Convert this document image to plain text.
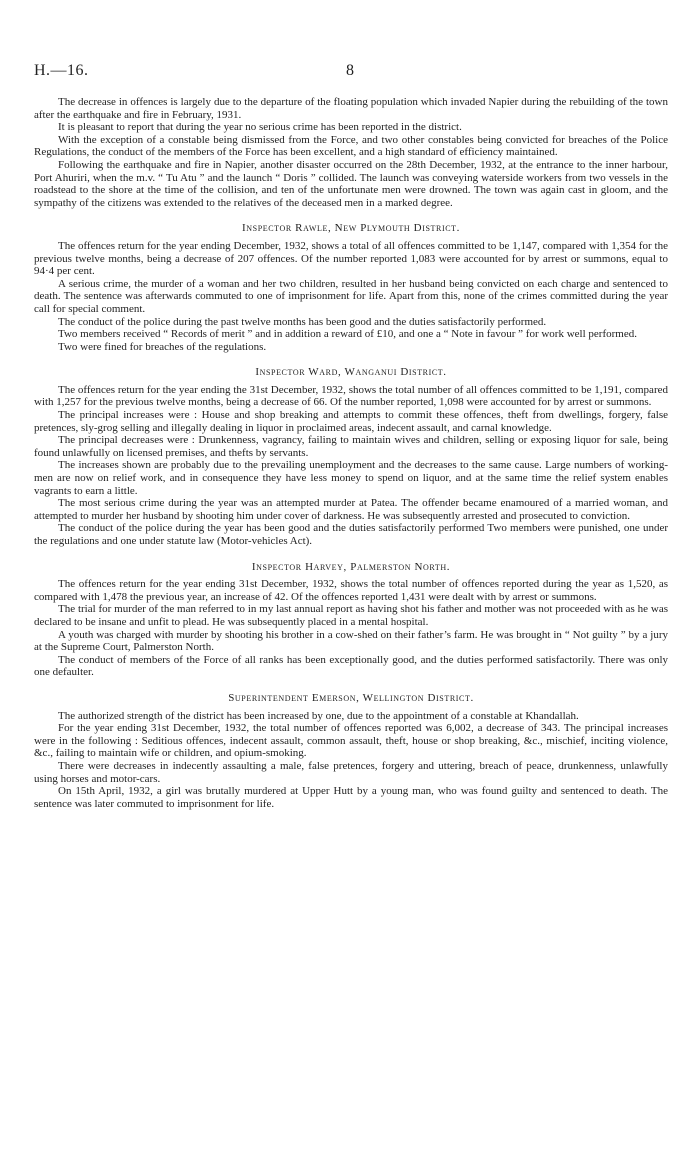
H.—16.	8

The decrease in offences is largely due to the departure of the floating population which invaded Napier during the rebuilding of the town after the earthquake and fire in February, 1931.

It is pleasant to report that during the year no serious crime has been reported in the district.

With the exception of a constable being dismissed from the Force, and two other constables being convicted for breaches of the Police Regulations, the conduct of the members of the Force has been excellent, and a high standard of efficiency maintained.

Following the earthquake and fire in Napier, another disaster occurred on the 28th December, 1932, at the entrance to the inner harbour, Port Ahuriri, when the m.v. “ Tu Atu ” and the launch “ Doris ” collided. The launch was conveying waterside workers from two vessels in the roadstead to the shore at the time of the collision, and ten of the unfortunate men were drowned. The town was again cast in gloom, and the sympathy of the citizens was extended to the relatives of the deceased men in a marked degree.

Inspector Rawle, New Plymouth District.

The offences return for the year ending December, 1932, shows a total of all offences committed to be 1,147, compared with 1,354 for the previous twelve months, being a decrease of 207 offences. Of the number reported 1,083 were accounted for by arrest or summons, equal to 94·4 per cent.

A serious crime, the murder of a woman and her two children, resulted in her husband being convicted on each charge and sentenced to death. The sentence was afterwards commuted to one of imprisonment for life. Apart from this, none of the crimes committed during the year call for special comment.

The conduct of the police during the past twelve months has been good and the duties satisfactorily performed.

Two members received “ Records of merit ” and in addition a reward of £10, and one a “ Note in favour ” for work well performed.

Two were fined for breaches of the regulations.

Inspector Ward, Wanganui District.

The offences return for the year ending the 31st December, 1932, shows the total number of all offences committed to be 1,191, compared with 1,257 for the previous twelve months, being a decrease of 66. Of the number reported, 1,098 were accounted for by arrest or summons.

The principal increases were : House and shop breaking and attempts to commit these offences, theft from dwellings, forgery, false pretences, sly-grog selling and illegally dealing in liquor in proclaimed areas, indecent assault, and carnal knowledge.

The principal decreases were : Drunkenness, vagrancy, failing to maintain wives and children, selling or exposing liquor for sale, being found unlawfully on licensed premises, and thefts by servants.

The increases shown are probably due to the prevailing unemployment and the decreases to the same cause. Large numbers of working-men are now on relief work, and in consequence they have less money to spend on liquor, and at the same time the relief system enables vagrants to earn a little.

The most serious crime during the year was an attempted murder at Patea. The offender became enamoured of a married woman, and attempted to murder her husband by shooting him under cover of darkness. He was subsequently arrested and prosecuted to conviction.

The conduct of the police during the year has been good and the duties satisfactorily performed Two members were punished, one under the regulations and one under statute law (Motor-vehicles Act).

Inspector Harvey, Palmerston North.

The offences return for the year ending 31st December, 1932, shows the total number of offences reported during the year as 1,520, as compared with 1,478 the previous year, an increase of 42. Of the offences reported 1,431 were dealt with by arrest or summons.

The trial for murder of the man referred to in my last annual report as having shot his father and mother was not proceeded with as he was declared to be insane and unfit to plead. He was subsequently placed in a mental hospital.

A youth was charged with murder by shooting his brother in a cow-shed on their father’s farm. He was brought in “ Not guilty ” by a jury at the Supreme Court, Palmerston North.

The conduct of members of the Force of all ranks has been exceptionally good, and the duties performed satisfactorily. There was only one defaulter.

Superintendent Emerson, Wellington District.

The authorized strength of the district has been increased by one, due to the appointment of a constable at Khandallah.

For the year ending 31st December, 1932, the total number of offences reported was 6,002, a decrease of 343. The principal increases were in the following : Seditious offences, indecent assault, common assault, theft, house or shop breaking, &c., mischief, inciting violence, &c., failing to maintain wife or children, and opium-smoking.

There were decreases in indecently assaulting a male, false pretences, forgery and uttering, breach of peace, drunkenness, unlawfully using horses and motor-cars.

On 15th April, 1932, a girl was brutally murdered at Upper Hutt by a young man, who was found guilty and sentenced to death. The sentence was later commuted to imprisonment for life.
